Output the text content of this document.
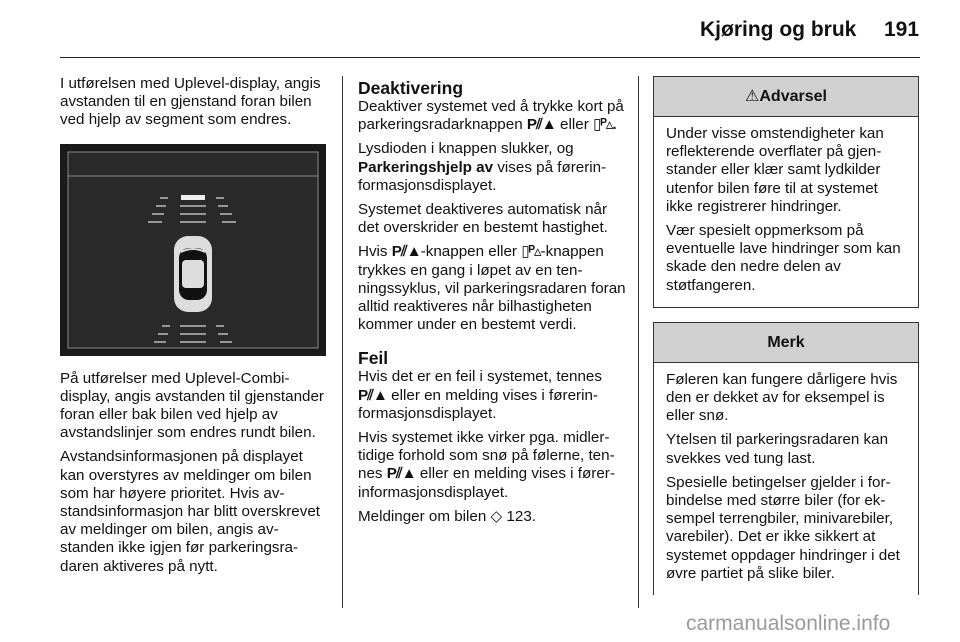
Kjøring og bruk 191

I utførelsen med Uplevel-display, angis avstanden til en gjenstand foran bilen ved hjelp av segment som endres.

På utførelser med Uplevel-Combi-display, angis avstanden til gjenstander foran eller bak bilen ved hjelp av avstandslinjer som endres rundt bilen.

Avstandsinformasjonen på displayet kan overstyres av meldinger om bilen som har høyere prioritet. Hvis avstandsinformasjon har blitt overskrevet av meldinger om bilen, angis avstanden ikke igjen før parkeringsradaren aktiveres på nytt.

Deaktivering

Deaktiver systemet ved å trykke kort på parkeringsradarknappen P⫽▲ eller ▯ᴾ▵.

Lysdioden i knappen slukker, og Parkeringshjelp av vises på førerinformasjonsdisplayet.

Systemet deaktiveres automatisk når det overskrider en bestemt hastighet.

Hvis P⫽▲-knappen eller ▯ᴾ▵-knappen trykkes en gang i løpet av en tenningssyklus, vil parkeringsradaren foran alltid reaktiveres når bilhastigheten kommer under en bestemt verdi.

Feil

Hvis det er en feil i systemet, tennes P⫽▲ eller en melding vises i førerinformasjonsdisplayet.

Hvis systemet ikke virker pga. midlertidige forhold som snø på følerne, tennes P⫽▲ eller en melding vises i førerinformasjonsdisplayet.

Meldinger om bilen ◇ 123.

⚠Advarsel

Under visse omstendigheter kan reflekterende overflater på gjenstander eller klær samt lydkilder utenfor bilen føre til at systemet ikke registrerer hindringer.

Vær spesielt oppmerksom på eventuelle lave hindringer som kan skade den nedre delen av støtfangeren.

Merk

Føleren kan fungere dårligere hvis den er dekket av for eksempel is eller snø.

Ytelsen til parkeringsradaren kan svekkes ved tung last.

Spesielle betingelser gjelder i forbindelse med større biler (for eksempel terrengbiler, minivarebiler, varebiler). Det er ikke sikkert at systemet oppdager hindringer i det øvre partiet på slike biler.

carmanualsonline.info
